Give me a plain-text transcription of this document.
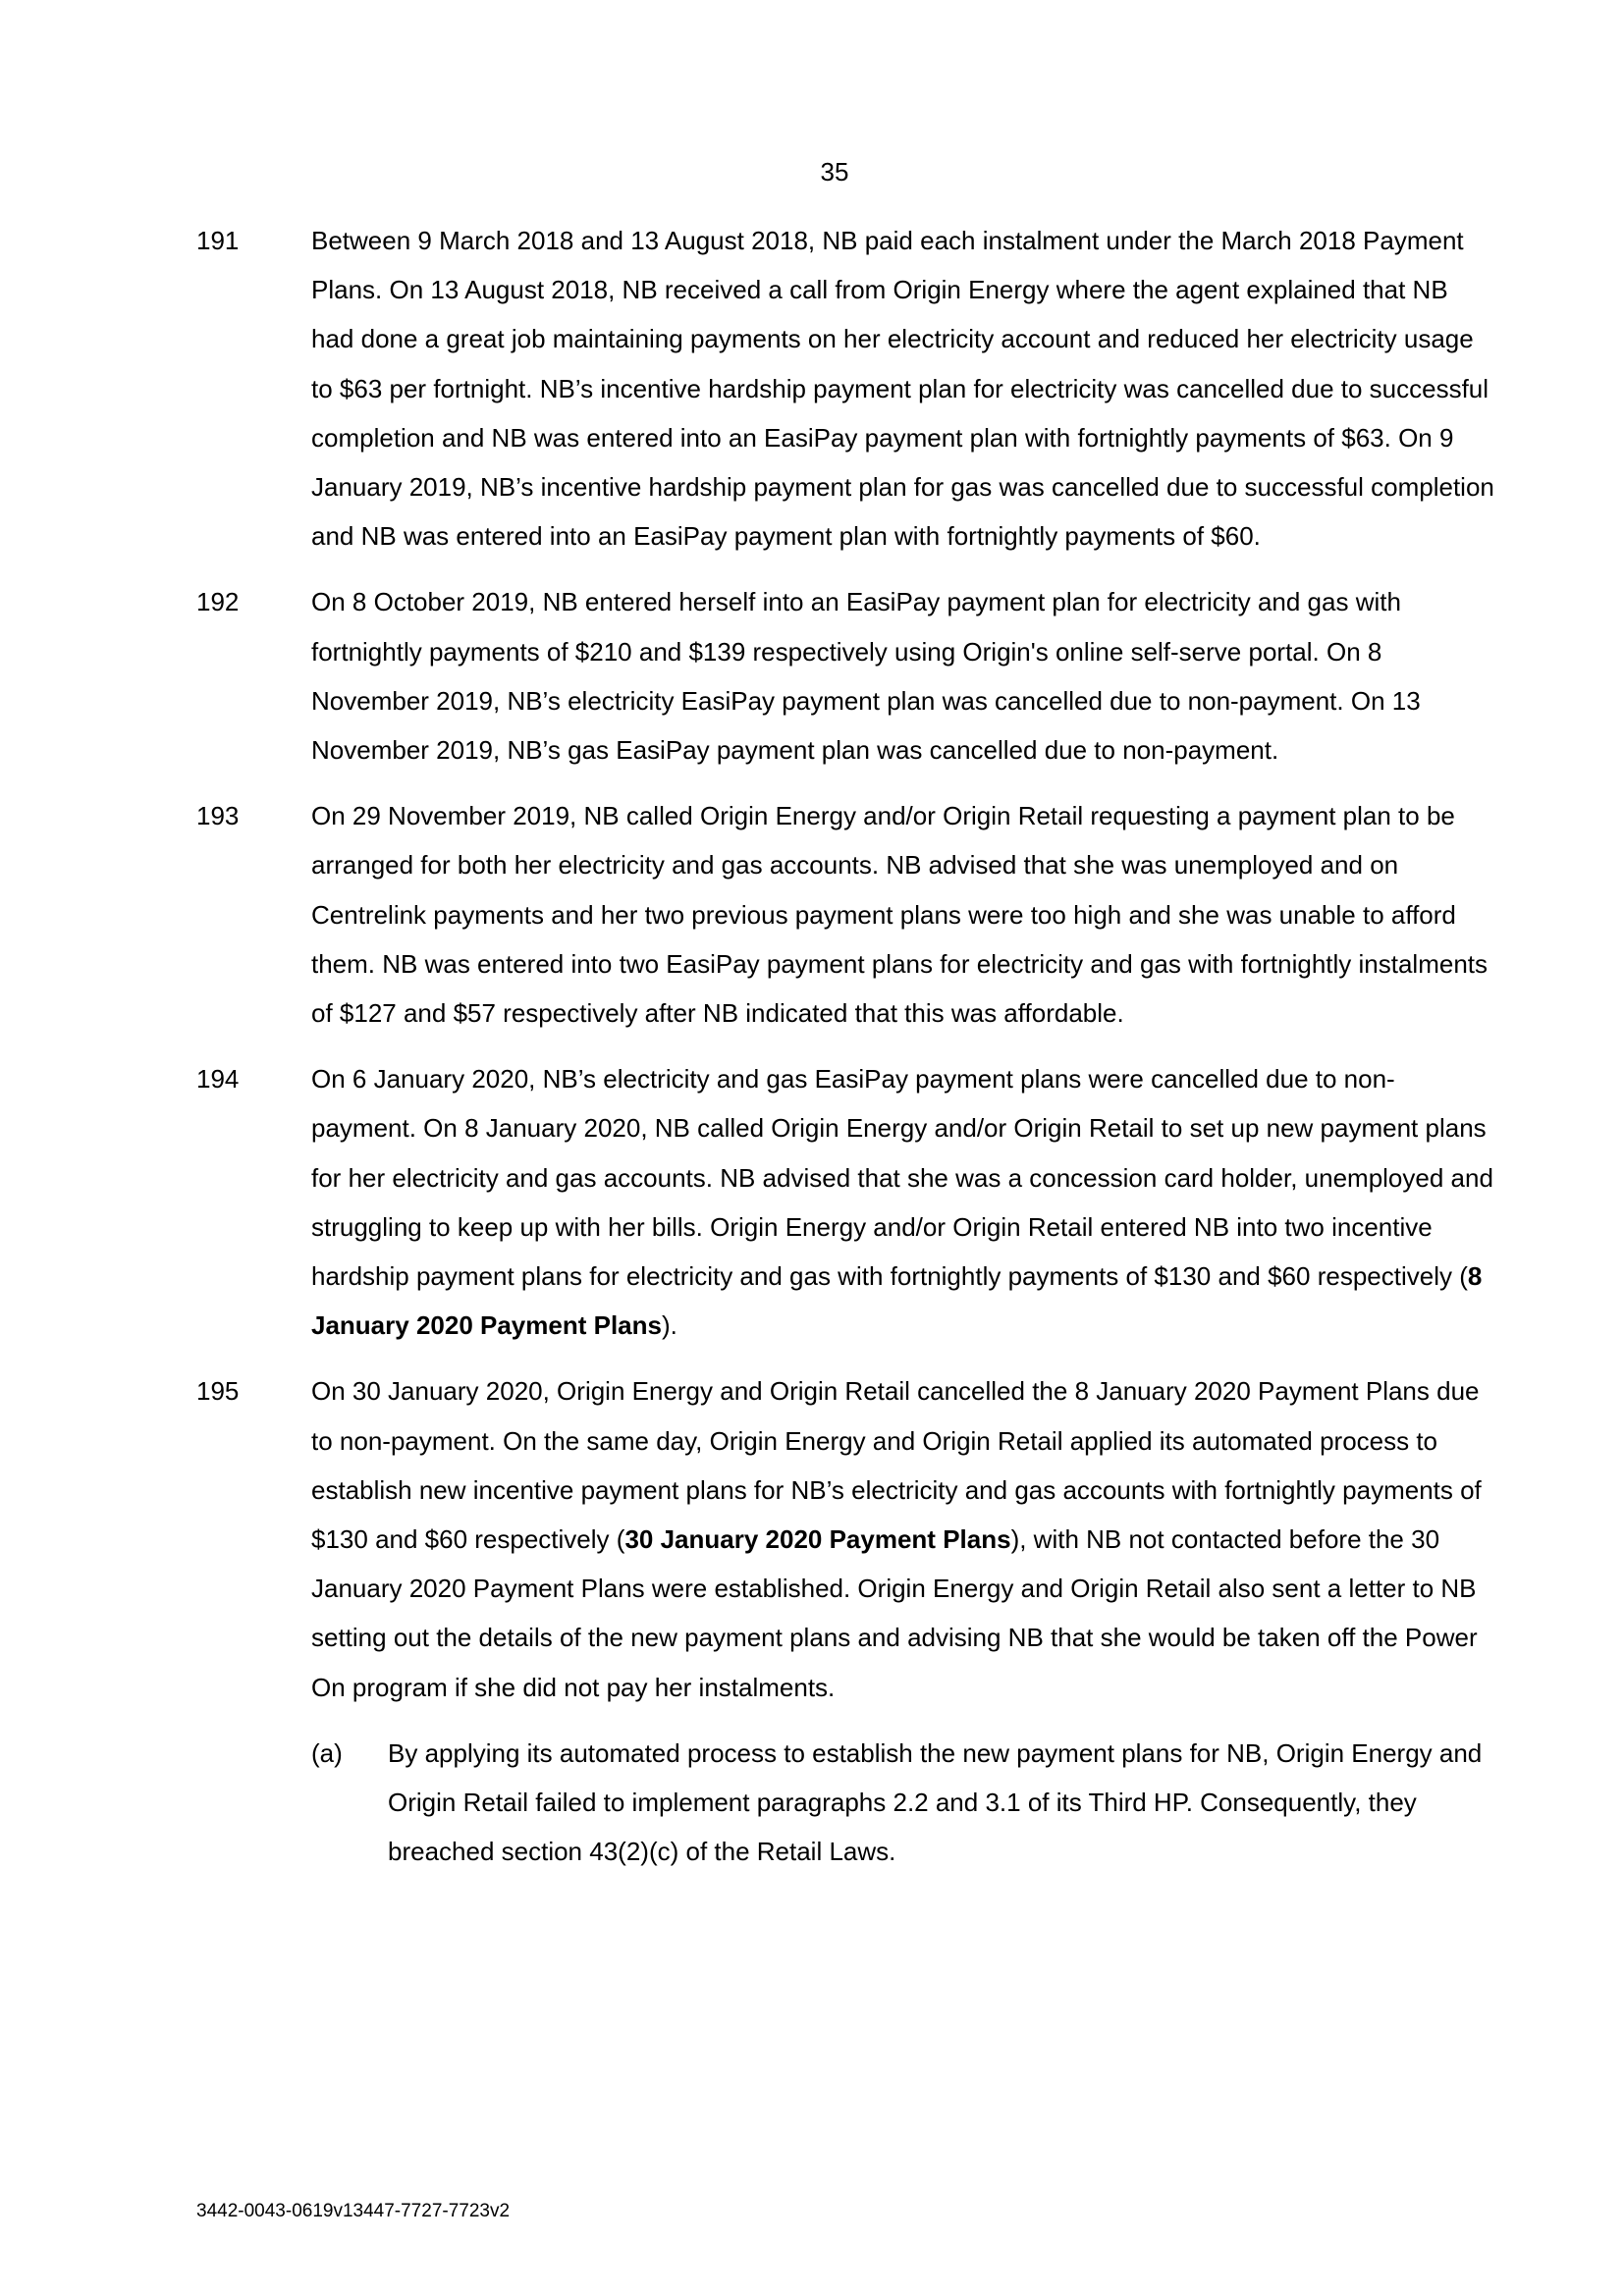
35
191	Between 9 March 2018 and 13 August 2018, NB paid each instalment under the March 2018 Payment Plans. On 13 August 2018, NB received a call from Origin Energy where the agent explained that NB had done a great job maintaining payments on her electricity account and reduced her electricity usage to $63 per fortnight. NB’s incentive hardship payment plan for electricity was cancelled due to successful completion and NB was entered into an EasiPay payment plan with fortnightly payments of $63. On 9 January 2019, NB’s incentive hardship payment plan for gas was cancelled due to successful completion and NB was entered into an EasiPay payment plan with fortnightly payments of $60.
192	On 8 October 2019, NB entered herself into an EasiPay payment plan for electricity and gas with fortnightly payments of $210 and $139 respectively using Origin's online self-serve portal. On 8 November 2019, NB’s electricity EasiPay payment plan was cancelled due to non-payment. On 13 November 2019, NB’s gas EasiPay payment plan was cancelled due to non-payment.
193	On 29 November 2019, NB called Origin Energy and/or Origin Retail requesting a payment plan to be arranged for both her electricity and gas accounts. NB advised that she was unemployed and on Centrelink payments and her two previous payment plans were too high and she was unable to afford them. NB was entered into two EasiPay payment plans for electricity and gas with fortnightly instalments of $127 and $57 respectively after NB indicated that this was affordable.
194	On 6 January 2020, NB’s electricity and gas EasiPay payment plans were cancelled due to non-payment. On 8 January 2020, NB called Origin Energy and/or Origin Retail to set up new payment plans for her electricity and gas accounts. NB advised that she was a concession card holder, unemployed and struggling to keep up with her bills. Origin Energy and/or Origin Retail entered NB into two incentive hardship payment plans for electricity and gas with fortnightly payments of $130 and $60 respectively (8 January 2020 Payment Plans).
195	On 30 January 2020, Origin Energy and Origin Retail cancelled the 8 January 2020 Payment Plans due to non-payment. On the same day, Origin Energy and Origin Retail applied its automated process to establish new incentive payment plans for NB’s electricity and gas accounts with fortnightly payments of $130 and $60 respectively (30 January 2020 Payment Plans), with NB not contacted before the 30 January 2020 Payment Plans were established. Origin Energy and Origin Retail also sent a letter to NB setting out the details of the new payment plans and advising NB that she would be taken off the Power On program if she did not pay her instalments.
(a) By applying its automated process to establish the new payment plans for NB, Origin Energy and Origin Retail failed to implement paragraphs 2.2 and 3.1 of its Third HP. Consequently, they breached section 43(2)(c) of the Retail Laws.
3442-0043-0619v13447-7727-7723v2
